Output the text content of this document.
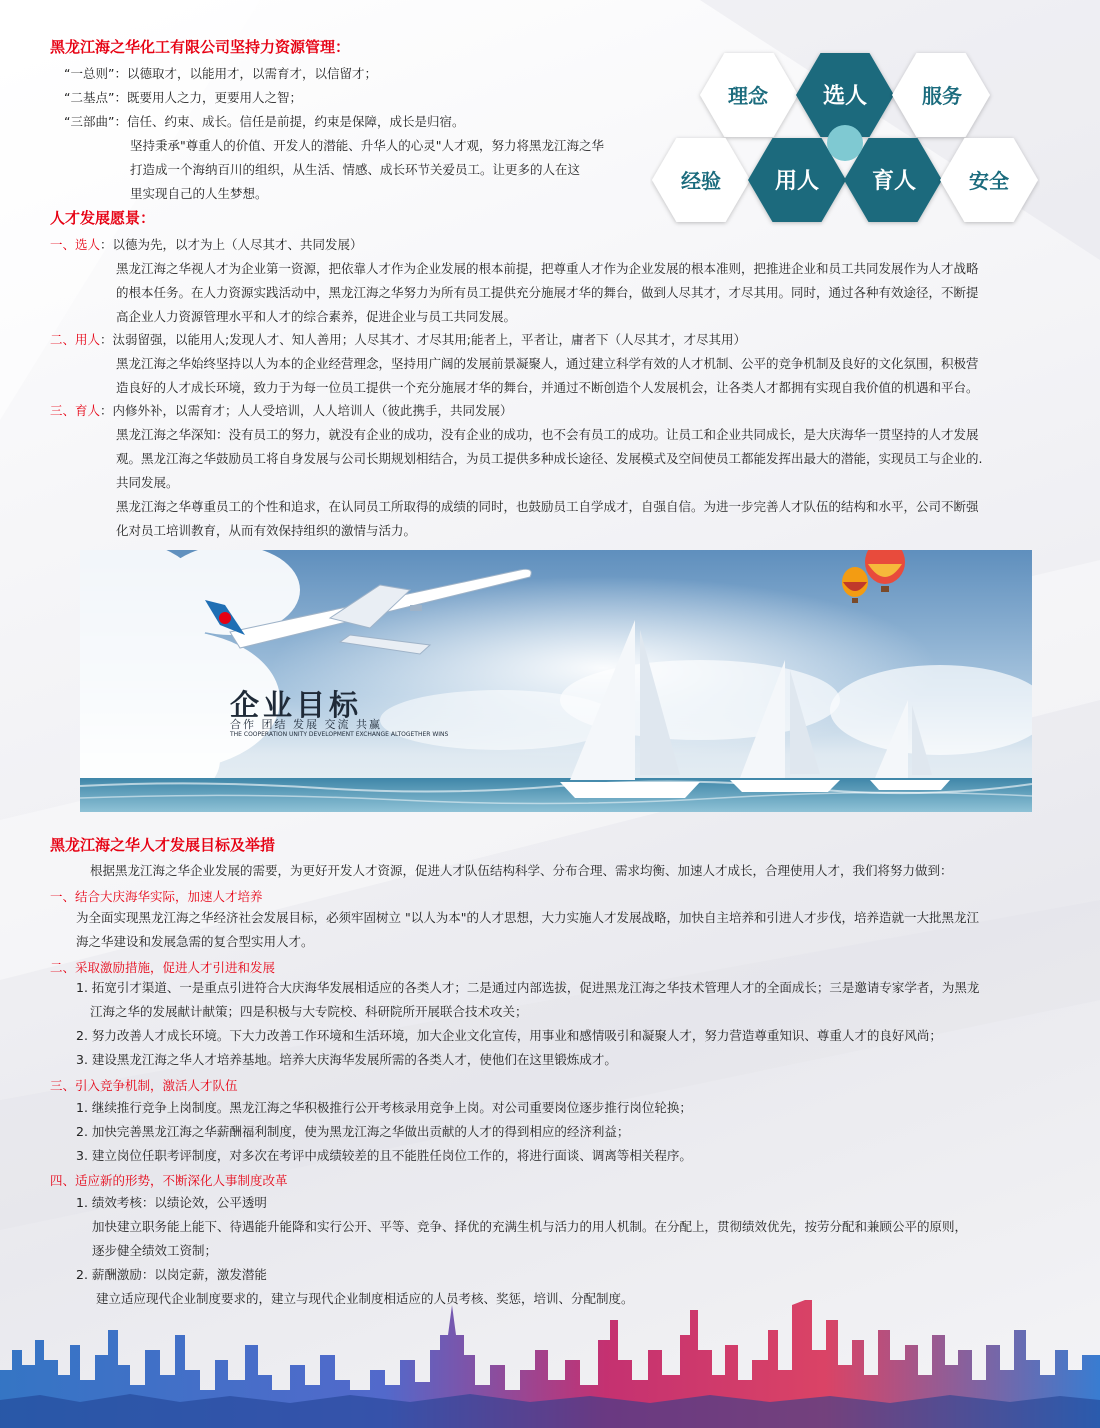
黑龙江海之华化工有限公司坚持力资源管理：
“一总则”：以德取才，以能用才，以需育才，以信留才；
“二基点”：既要用人之力，更要用人之智；
“三部曲”：信任、约束、成长。信任是前提，约束是保障，成长是归宿。
坚持秉承"尊重人的价值、开发人的潜能、升华人的心灵"人才观，努力将黑龙江海之华
打造成一个海纳百川的组织，从生活、情感、成长环节关爱员工。让更多的人在这
里实现自己的人生梦想。
理念 选人	服务
经验 用人 育人	安全
人才发展愿景：
一、选人：以德为先，以才为上（人尽其才、共同发展）
黑龙江海之华视人才为企业第一资源，把依靠人才作为企业发展的根本前提，把尊重人才作为企业发展的根本准则，把推进企业和员工共同发展作为人才战略
的根本任务。在人力资源实践活动中，黑龙江海之华努力为所有员工提供充分施展才华的舞台，做到人尽其才，才尽其用。同时，通过各种有效途径，不断提
高企业人力资源管理水平和人才的综合素养，促进企业与员工共同发展。
二、用人：汰弱留强，以能用人;发现人才、知人善用；人尽其才、才尽其用;能者上，平者让，庸者下（人尽其才，才尽其用）
黑龙江海之华始终坚持以人为本的企业经营理念，坚持用广阔的发展前景凝聚人，通过建立科学有效的人才机制、公平的竞争机制及良好的文化氛围，积极营
造良好的人才成长环境，致力于为每一位员工提供一个充分施展才华的舞台，并通过不断创造个人发展机会，让各类人才都拥有实现自我价值的机遇和平台。
三、育人：内修外补，以需育才；人人受培训，人人培训人（彼此携手，共同发展）
黑龙江海之华深知：没有员工的努力，就没有企业的成功，没有企业的成功，也不会有员工的成功。让员工和企业共同成长，是大庆海华一贯坚持的人才发展
观。黑龙江海之华鼓励员工将自身发展与公司长期规划相结合，为员工提供多种成长途径、发展模式及空间使员工都能发挥出最大的潜能，实现员工与企业的.
共同发展。
黑龙江海之华尊重员工的个性和追求，在认同员工所取得的成绩的同时，也鼓励员工自学成才，自强自信。为进一步完善人才队伍的结构和水平，公司不断强
化对员工培训教育，从而有效保持组织的激情与活力。
企业目标
合作 团结 发展 交流 共赢
THE COOPERATION UNITY DEVELOPMENT EXCHANGE ALTOGETHER WINS
黑龙江海之华人才发展目标及举措
根据黑龙江海之华企业发展的需要，为更好开发人才资源，促进人才队伍结构科学、分布合理、需求均衡、加速人才成长，合理使用人才，我们将努力做到：
一、结合大庆海华实际，加速人才培养
为全面实现黑龙江海之华经济社会发展目标，必须牢固树立 "以人为本"的人才思想，大力实施人才发展战略，加快自主培养和引进人才步伐，培养造就一大批黑龙江
海之华建设和发展急需的复合型实用人才。
二、采取激励措施，促进人才引进和发展
1. 拓宽引才渠道、一是重点引进符合大庆海华发展相适应的各类人才；二是通过内部选拔，促进黑龙江海之华技术管理人才的全面成长；三是邀请专家学者，为黑龙
江海之华的发展献计献策；四是积极与大专院校、科研院所开展联合技术攻关；
2. 努力改善人才成长环境。下大力改善工作环境和生活环境，加大企业文化宣传，用事业和感情吸引和凝聚人才，努力营造尊重知识、尊重人才的良好风尚；
3. 建设黑龙江海之华人才培养基地。培养大庆海华发展所需的各类人才，使他们在这里锻炼成才。
三、引入竞争机制，激活人才队伍
1. 继续推行竞争上岗制度。黑龙江海之华积极推行公开考核录用竞争上岗。对公司重要岗位逐步推行岗位轮换；
2. 加快完善黑龙江海之华薪酬福利制度，使为黑龙江海之华做出贡献的人才的得到相应的经济利益；
3. 建立岗位任职考评制度，对多次在考评中成绩较差的且不能胜任岗位工作的，将进行面谈、调离等相关程序。
四、适应新的形势，不断深化人事制度改革
1. 绩效考核：以绩论效，公平透明
加快建立职务能上能下、待遇能升能降和实行公开、平等、竞争、择优的充满生机与活力的用人机制。在分配上，贯彻绩效优先，按劳分配和兼顾公平的原则，
逐步健全绩效工资制；
2. 薪酬激励：以岗定薪，激发潜能
建立适应现代企业制度要求的，建立与现代企业制度相适应的人员考核、奖惩，培训、分配制度。
